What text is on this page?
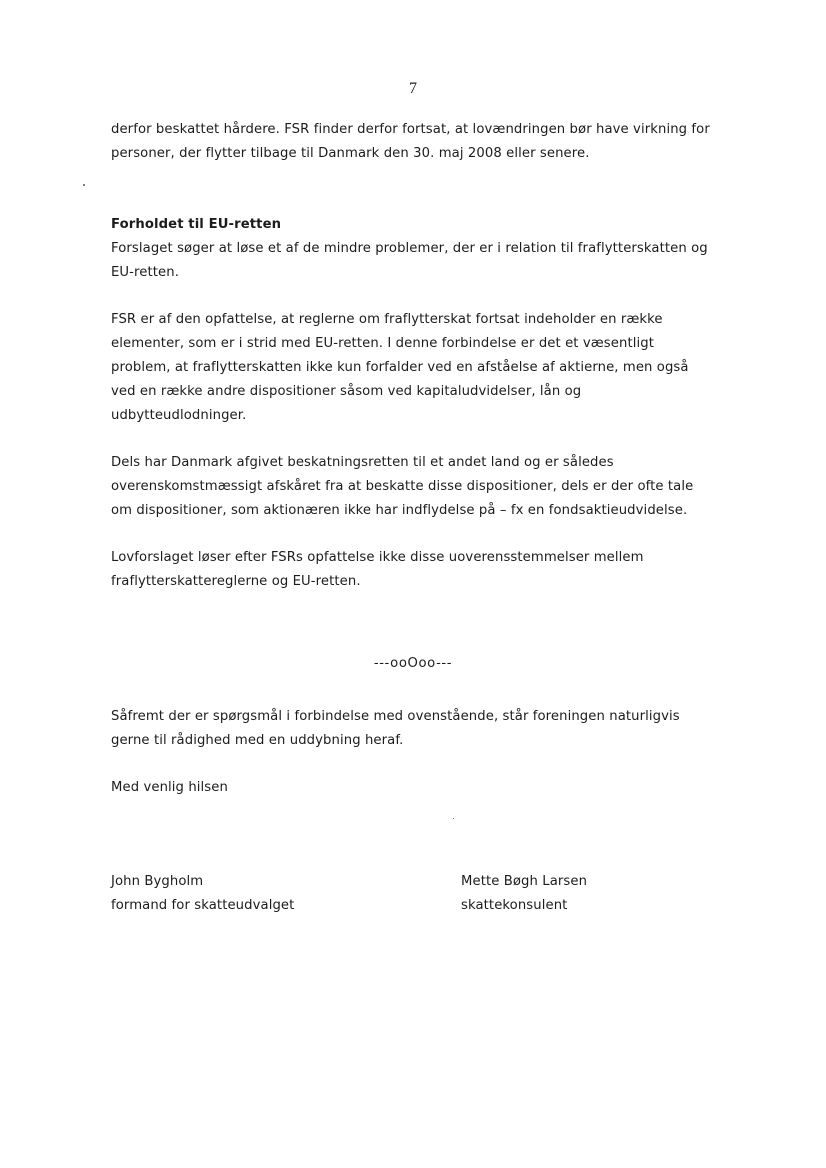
7

derfor beskattet hårdere. FSR finder derfor fortsat, at lovændringen bør have virkning for
personer, der flytter tilbage til Danmark den 30. maj 2008 eller senere.

Forholdet til EU-retten

Forslaget søger at løse et af de mindre problemer, der er i relation til fraflytterskatten og
EU-retten.

FSR er af den opfattelse, at reglerne om fraflytterskat fortsat indeholder en række
elementer, som er i strid med EU-retten. I denne forbindelse er det et væsentligt
problem, at fraflytterskatten ikke kun forfalder ved en afståelse af aktierne, men også
ved en række andre dispositioner såsom ved kapitaludvidelser, lån og
udbytteudlodninger.

Dels har Danmark afgivet beskatningsretten til et andet land og er således
overenskomstmæssigt afskåret fra at beskatte disse dispositioner, dels er der ofte tale
om dispositioner, som aktionæren ikke har indflydelse på – fx en fondsaktieudvidelse.

Lovforslaget løser efter FSRs opfattelse ikke disse uoverensstemmelser mellem
fraflytterskattereglerne og EU-retten.

---ooOoo---

Såfremt der er spørgsmål i forbindelse med ovenstående, står foreningen naturligvis
gerne til rådighed med en uddybning heraf.

Med venlig hilsen

John Bygholm
formand for skatteudvalget
Mette Bøgh Larsen
skattekonsulent
